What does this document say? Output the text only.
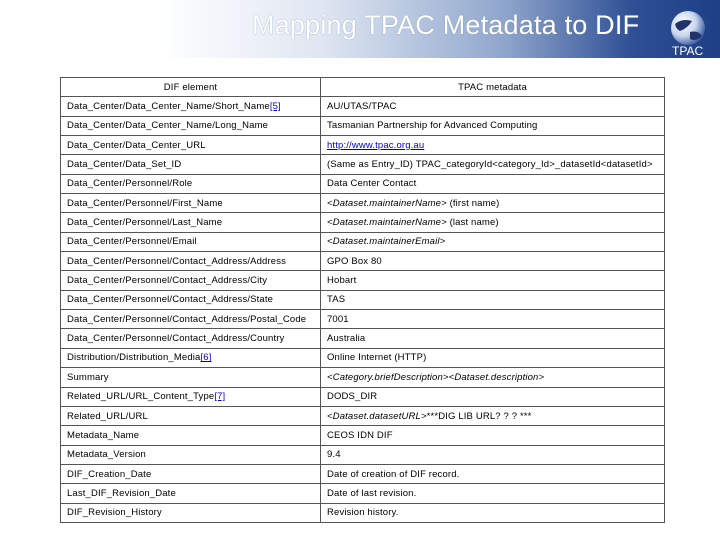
Mapping TPAC Metadata to DIF
TPAC
DIF element	TPAC metadata
Data_Center/Data_Center_Name/Short_Name[5]	AU/UTAS/TPAC
Data_Center/Data_Center_Name/Long_Name	Tasmanian Partnership for Advanced Computing
Data_Center/Data_Center_URL	http://www.tpac.org.au
Data_Center/Data_Set_ID	(Same as Entry_ID) TPAC_categoryId<category_Id>_datasetId<datasetId>
Data_Center/Personnel/Role	Data Center Contact
Data_Center/Personnel/First_Name	<Dataset.maintainerName> (first name)
Data_Center/Personnel/Last_Name	<Dataset.maintainerName> (last name)
Data_Center/Personnel/Email	<Dataset.maintainerEmail>
Data_Center/Personnel/Contact_Address/Address	GPO Box 80
Data_Center/Personnel/Contact_Address/City	Hobart
Data_Center/Personnel/Contact_Address/State	TAS
Data_Center/Personnel/Contact_Address/Postal_Code	7001
Data_Center/Personnel/Contact_Address/Country	Australia
Distribution/Distribution_Media[6]	Online Internet (HTTP)
Summary	<Category.briefDescription><Dataset.description>
Related_URL/URL_Content_Type[7]	DODS_DIR
Related_URL/URL	<Dataset.datasetURL>***DIG LIB URL? ? ? ***
Metadata_Name	CEOS IDN DIF
Metadata_Version	9.4
DIF_Creation_Date	Date of creation of DIF record.
Last_DIF_Revision_Date	Date of last revision.
DIF_Revision_History	Revision history.
